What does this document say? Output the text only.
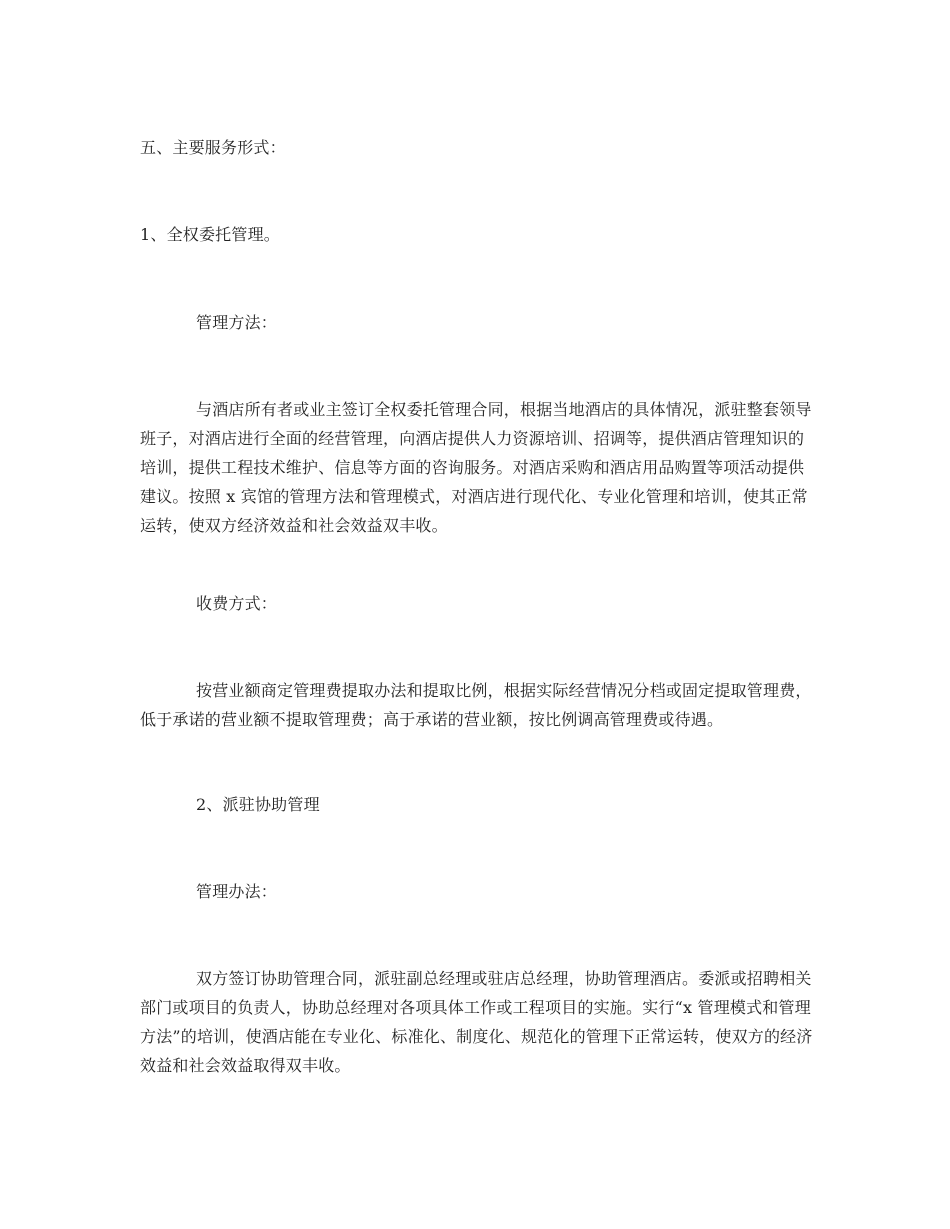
五、主要服务形式：

1、全权委托管理。

管理方法：

与酒店所有者或业主签订全权委托管理合同，根据当地酒店的具体情况，派驻整套领导班子，对酒店进行全面的经营管理，向酒店提供人力资源培训、招调等，提供酒店管理知识的培训，提供工程技术维护、信息等方面的咨询服务。对酒店采购和酒店用品购置等项活动提供建议。按照 x 宾馆的管理方法和管理模式，对酒店进行现代化、专业化管理和培训，使其正常运转，使双方经济效益和社会效益双丰收。

收费方式：

按营业额商定管理费提取办法和提取比例，根据实际经营情况分档或固定提取管理费，低于承诺的营业额不提取管理费；高于承诺的营业额，按比例调高管理费或待遇。

2、派驻协助管理

管理办法：

双方签订协助管理合同，派驻副总经理或驻店总经理，协助管理酒店。委派或招聘相关部门或项目的负责人，协助总经理对各项具体工作或工程项目的实施。实行“x 管理模式和管理方法”的培训，使酒店能在专业化、标准化、制度化、规范化的管理下正常运转，使双方的经济效益和社会效益取得双丰收。
